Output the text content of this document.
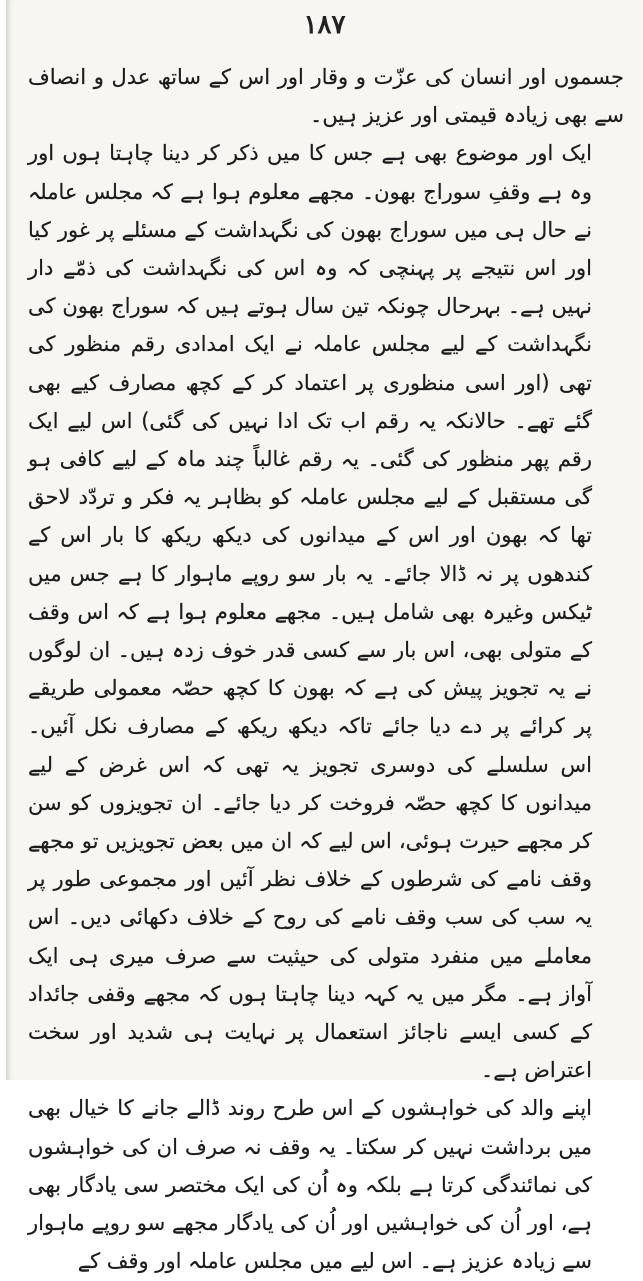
۱۸۷

جسموں اور انسان کی عزّت و وقار اور اس کے ساتھ عدل و انصاف سے بھی زیادہ قیمتی اور عزیز ہیں۔

ایک اور موضوع بھی ہے جس کا میں ذکر کر دینا چاہتا ہوں اور وہ ہے وقفِ سوراج بھون۔ مجھے معلوم ہوا ہے کہ مجلس عاملہ نے حال ہی میں سوراج بھون کی نگہداشت کے مسئلے پر غور کیا اور اس نتیجے پر پہنچی کہ وہ اس کی نگہداشت کی ذمّے دار نہیں ہے۔ بہرحال چونکہ تین سال ہوتے ہیں کہ سوراج بھون کی نگہداشت کے لیے مجلس عاملہ نے ایک امدادی رقم منظور کی تھی (اور اسی منظوری پر اعتماد کر کے کچھ مصارف کیے بھی گئے تھے۔ حالانکہ یہ رقم اب تک ادا نہیں کی گئی) اس لیے ایک رقم پھر منظور کی گئی۔ یہ رقم غالباً چند ماہ کے لیے کافی ہو گی مستقبل کے لیے مجلس عاملہ کو بظاہر یہ فکر و تردّد لاحق تھا کہ بھون اور اس کے میدانوں کی دیکھ ریکھ کا بار اس کے کندھوں پر نہ ڈالا جائے۔ یہ بار سو روپے ماہوار کا ہے جس میں ٹیکس وغیرہ بھی شامل ہیں۔ مجھے معلوم ہوا ہے کہ اس وقف کے متولی بھی، اس بار سے کسی قدر خوف زدہ ہیں۔ ان لوگوں نے یہ تجویز پیش کی ہے کہ بھون کا کچھ حصّہ معمولی طریقے پر کرائے پر دے دیا جائے تاکہ دیکھ ریکھ کے مصارف نکل آئیں۔ اس سلسلے کی دوسری تجویز یہ تھی کہ اس غرض کے لیے میدانوں کا کچھ حصّہ فروخت کر دیا جائے۔ ان تجویزوں کو سن کر مجھے حیرت ہوئی، اس لیے کہ ان میں بعض تجویزیں تو مجھے وقف نامے کی شرطوں کے خلاف نظر آئیں اور مجموعی طور پر یہ سب کی سب وقف نامے کی روح کے خلاف دکھائی دیں۔ اس معاملے میں منفرد متولی کی حیثیت سے صرف میری ہی ایک آواز ہے۔ مگر میں یہ کہہ دینا چاہتا ہوں کہ مجھے وقفی جائداد کے کسی ایسے ناجائز استعمال پر نہایت ہی شدید اور سخت اعتراض ہے۔

اپنے والد کی خواہشوں کے اس طرح روند ڈالے جانے کا خیال بھی میں برداشت نہیں کر سکتا۔ یہ وقف نہ صرف ان کی خواہشوں کی نمائندگی کرتا ہے بلکہ وہ اُن کی ایک مختصر سی یادگار بھی ہے، اور اُن کی خواہشیں اور اُن کی یادگار مجھے سو روپے ماہوار سے زیادہ عزیز ہے۔ اس لیے میں مجلس عاملہ اور وقف کے
